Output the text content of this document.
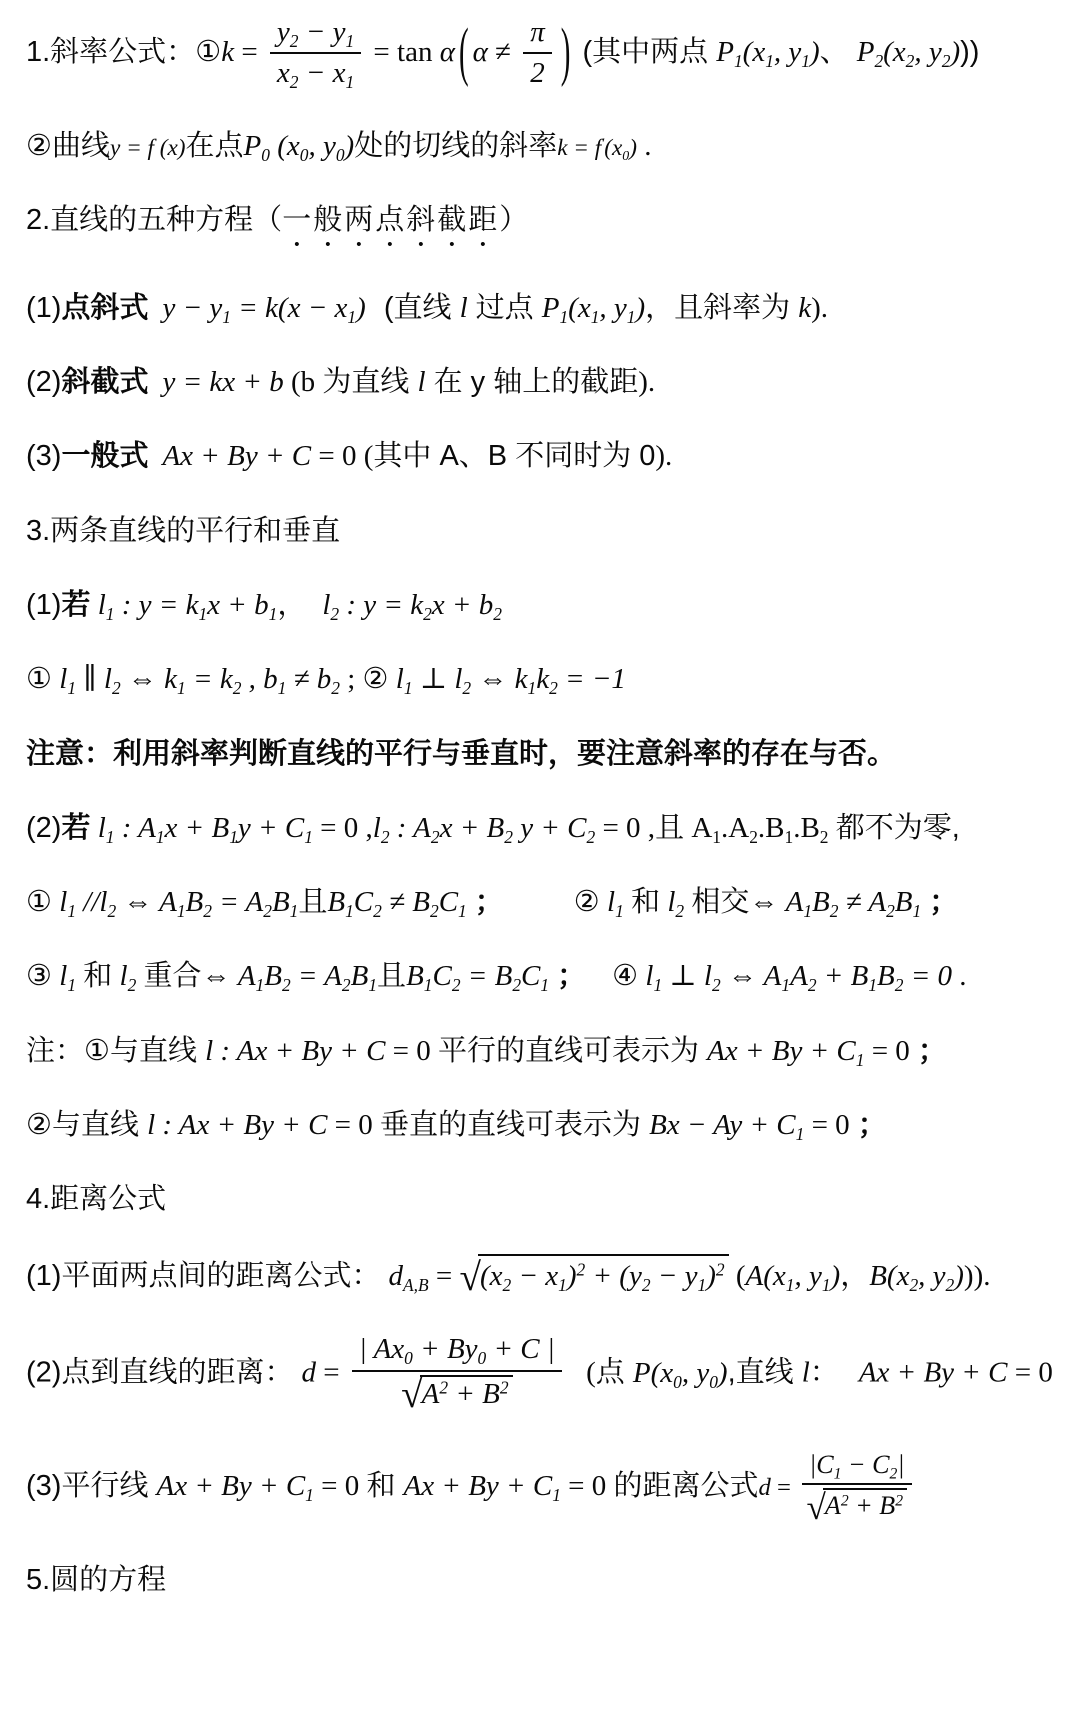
1.斜率公式：①k = $\frac{y_2 - y_1}{x_2 - x_1} = \tan \alpha$ ( $\alpha \ne \frac{\pi}{2}$ ) (其中两点 $P_1(x_1$, $y_1$)、 $P_2(x_2$, $y_2$)))

②曲线y = f (x)在点$P_0$ ($x_0$, $y_0$)处的切线的斜率$k = f'(x_0)$ .

2.直线的五种方程（一般两点斜截距）

(1)点斜式 $y - y_1 = k(x - x_1)$ (直线 l 过点 $P_1(x_1$, $y_1$)，且斜率为 k).

(2)斜截式 y = kx + b (b 为直线 l 在 y 轴上的截距).

(3)一般式 Ax + By + C = 0 (其中 A、B 不同时为 0).

3.两条直线的平行和垂直

(1)若 $l_1$ : $y = k_1x + b_1$， $l_2$ : $y = k_2x + b_2$

① $l_1$ ∥ $l_2$ ⇔ $k_1 = k_2$ , $b_1 \ne b_2$ ; ② $l_1$ ⊥ $l_2$ ⇔ $k_1k_2 = -1$

注意：利用斜率判断直线的平行与垂直时，要注意斜率的存在与否。

(2)若 $l_1$ : $A_1x + B_1y + C_1 = 0$ $,l_2$ : $A_2x + B_2$ $y + C_2 = 0$ ,且 $A_1.A_2.B_1.B_2$ 都不为零,

① $l_1$ $//l_2$ ⇔ $A_1B_2 = A_2B_1$且$B_1C_2 \ne B_2C_1$ ； ② $l_1$ 和 $l_2$ 相交⇔ $A_1B_2 \ne A_2B_1$ ；

③ $l_1$ 和 $l_2$ 重合⇔ $A_1B_2 = A_2B_1$且$B_1C_2 = B_2C_1$ ； ④ $l_1$ ⊥ $l_2$ ⇔ $A_1A_2 + B_1B_2 = 0$ .

注：①与直线 l : Ax + By + C = 0 平行的直线可表示为 $Ax + By + C_1 = 0$ ；

②与直线 l : Ax + By + C = 0 垂直的直线可表示为 $Bx - Ay + C_1 = 0$ ；

4.距离公式

(1)平面两点间的距离公式： $d_{A,B} = √(x_2 - x_1)^2 + (y_2 - y_1)^2$ ($A(x_1$, $y_1$)，$B(x_2$, $y_2$))).

(2)点到直线的距离： $d = \frac{| Ax_0 + By_0 + C |}{√A^2 + B^2}$ (点 $P(x_0$, $y_0$),直线 l： Ax + By + C = 0

(3)平行线 $Ax + By + C_1 = 0$ 和 $Ax + By + C_1 = 0$ 的距离公式$d = \frac{|C_1 - C_2|}{√A^2 + B^2}$

5.圆的方程
